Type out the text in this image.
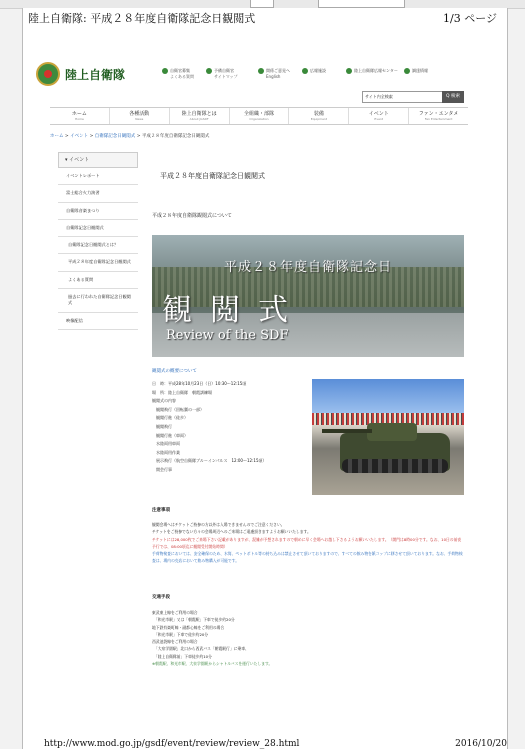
陸上自衛隊: 平成２８年度自衛隊記念日観閲式	1/3 ページ
陸上自衛隊	自衛官募集
よくある質問
予備自衛官
サイトマップ
関係ご意見へ
English
広報施設	陸上自衛隊広報センター	調達情報
サイト内全検索	Q 検索
ホーム
Home
各種活動
News
陸上自衛隊とは
About JGSDF
全組織・部隊
Organization
装備
Equipment
イベント
Event
ファン・エンタメ
Fan Entertainment
ホーム > イベント > 自衛隊記念日観閲式 > 平成２８年度自衛隊記念日観閲式
▾ イベント
イベントレポート
富士総合火力演習
自衛隊音楽まつり
自衛隊記念日観閲式
自衛隊記念日観閲式とは？
平成２８年度自衛隊記念日観閲式
よくある質問
過去に行われた自衛隊記念日観閲式
映像配信
平成２８年度自衛隊記念日観閲式
平成２８年度自衛隊観閲式について
平成２８年度自衛隊記念日
観閲式
Review of the SDF
観閲式の概要について
日　時：平成28年10月23日（日）10:30〜12:15頃
場　所：陸上自衛隊　朝霞訓練場
観閲式の内容
　観閲飛行（回転翼の一部）
　観閲行進（徒歩）
　観閲飛行
　観閲行進（車両）
　水陸両用車両
　水陸両用作業
　展示飛行（航空自衛隊ブルーインパルス　12:00〜12:15頃）
　開会行事
注意事項
観閲会場へはチケットご持参の方以外は入場できませんのでご注意ください。
チケットをご持参でない方々の会場周辺へのご来場はご遠慮頂きますようお願いいたします。
チケットには28,000枚でご来場下さい記載がありますが、混雑が予想されますので朝めに早く会場へお越し下さるようお願いいたします。（開門は8時00分です。なお、10日の前夜予行では、08:00頃迄に観閲受付開始時間）
手荷物検査においては、安全確保のため、水筒、ペットボトル等の持ち込みは禁止させて頂いておりますので、すべての飲み物を紙コップに移させて頂いております。なお、手荷物検査は、場内の売店において飲み物購入が可能です。
交通手段
東武東上線をご利用の場合
　「和光市駅」又は「朝霞駅」下車で徒歩約20分
地下鉄有楽町線・副都心線をご利用の場合
　「和光市駅」下車で徒歩約20分
西武池袋線をご利用の場合
　「大泉学園駅」北口から西武バス「朝霞駅行」に乗車、
　「陸上自衛隊前」下車徒歩約10分
※朝霞駅、和光市駅、大泉学園駅からシャトルバスを運行いたします。
http://www.mod.go.jp/gsdf/event/review/review_28.html	2016/10/20
